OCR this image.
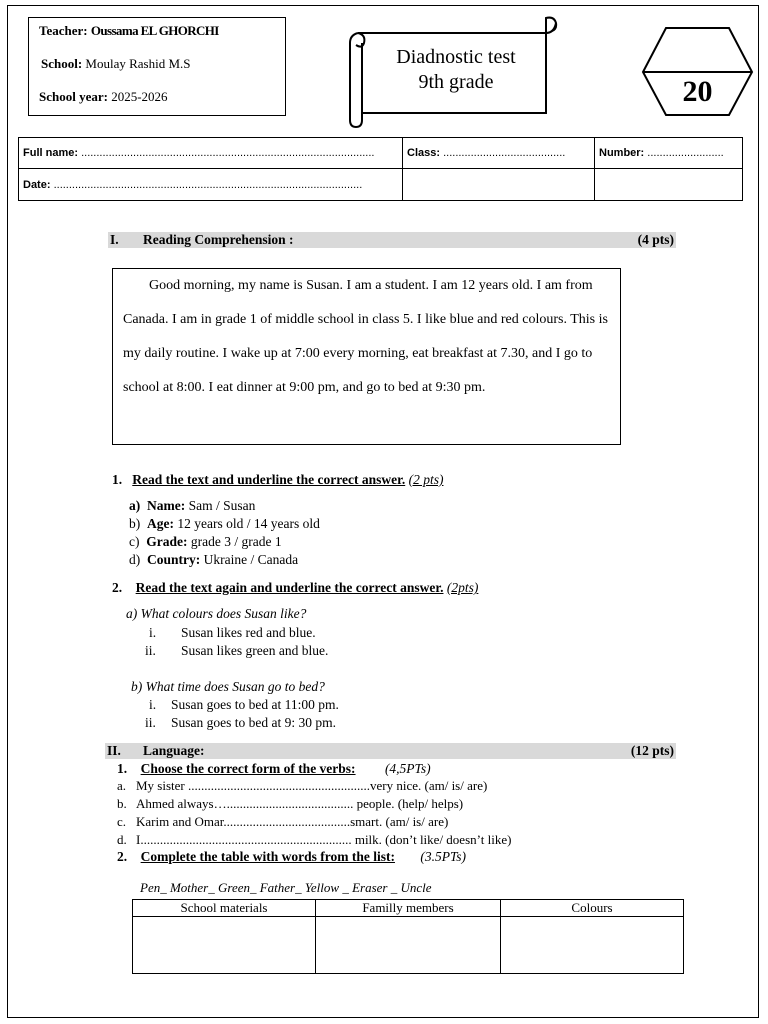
Teacher: Oussama EL GHORCHI
School: Moulay Rashid M.S
School year: 2025-2026
Diadnostic test
9th grade	20
Full name: ................................................................................................	Class: ........................................	Number: .........................
Date: .....................................................................................................		
I. Reading Comprehension :	(4 pts)
Good morning, my name is Susan. I am a student. I am 12 years old. I am from Canada. I am in grade 1 of middle school in class 5. I like blue and red colours. This is my daily routine. I wake up at 7:00 every morning, eat breakfast at 7.30, and I go to school at 8:00. I eat dinner at 9:00 pm, and go to bed at 9:30 pm.
1. Read the text and underline the correct answer. (2 pts)
a) Name: Sam / Susan
b) Age: 12 years old / 14 years old
c) Grade: grade 3 / grade 1
d) Country: Ukraine / Canada
2. Read the text again and underline the correct answer. (2pts)
a) What colours does Susan like?
i. Susan likes red and blue.
ii. Susan likes green and blue.
b) What time does Susan go to bed?
i. Susan goes to bed at 11:00 pm.
ii. Susan goes to bed at 9: 30 pm.
II. Language:	(12 pts)
1. Choose the correct form of the verbs: (4,5PTs)
a. My sister ........................................................very nice. (am/ is/ are)
b. Ahmed always…....................................... people. (help/ helps)
c. Karim and Omar.......................................smart. (am/ is/ are)
d. I................................................................. milk. (don’t like/ doesn’t like)
2. Complete the table with words from the list: (3.5PTs)
Pen_ Mother_ Green_ Father_ Yellow _ Eraser _ Uncle
School materials	Familly members	Colours
